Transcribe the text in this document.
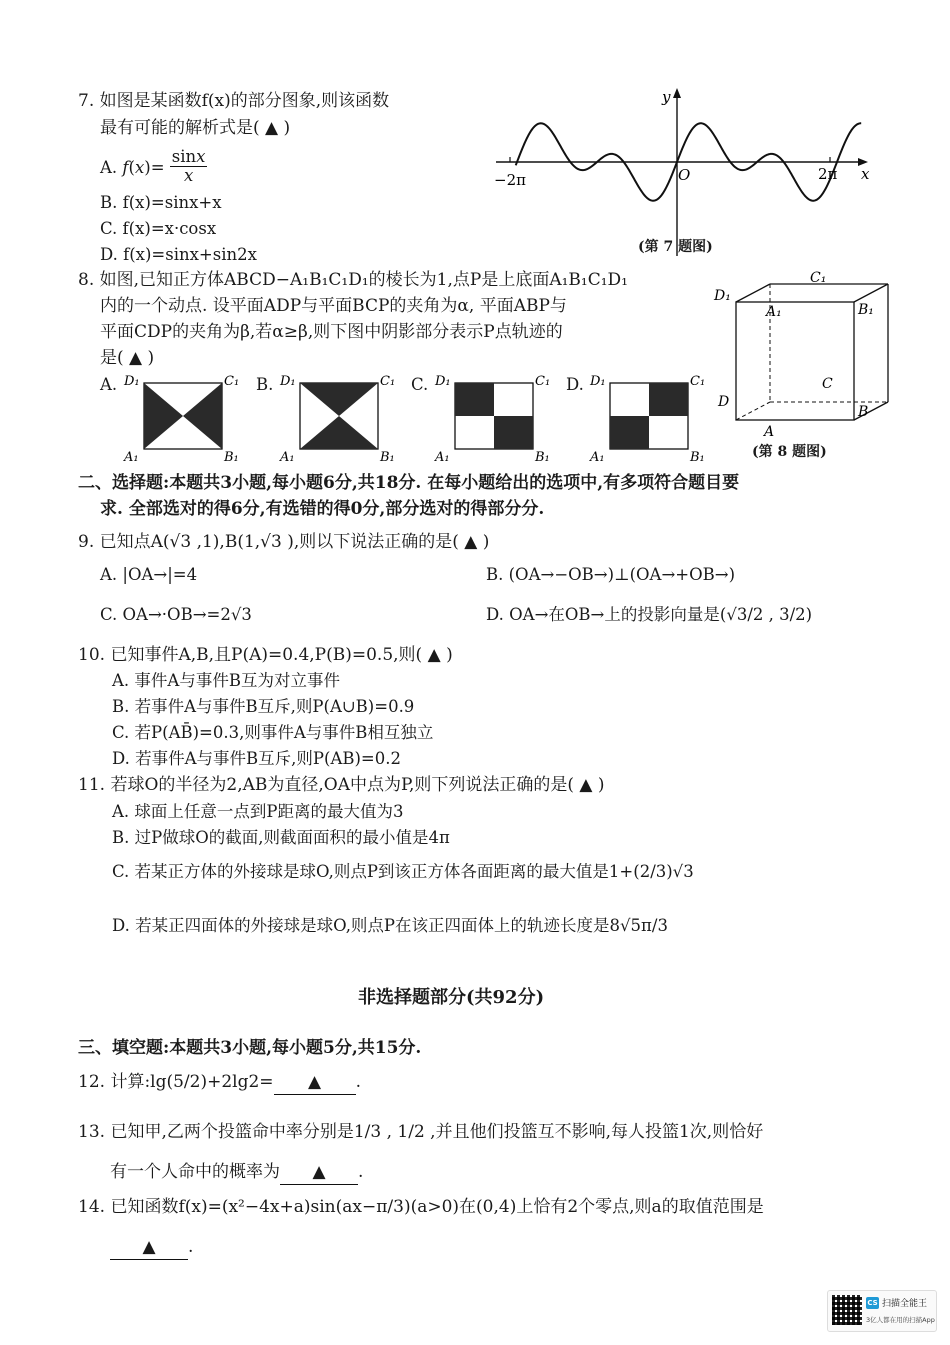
7. 如图是某函数f(x)的部分图象,则该函数
最有可能的解析式是( ▲ )
A. $f(x)= \frac{\sin x}{x}$
B. f(x)=sinx+x
C. f(x)=x·cosx
D. f(x)=sinx+sin2x
y
x
O
−2π	2π
(第 7 题图)
8. 如图,已知正方体ABCD−A₁B₁C₁D₁的棱长为1,点P是上底面A₁B₁C₁D₁
内的一个动点. 设平面ADP与平面BCP的夹角为α, 平面ABP与
平面CDP的夹角为β,若α≥β,则下图中阴影部分表示P点轨迹的
是( ▲ )
D₁
C₁
A₁	B₁
D
C
A
B
(第 8 题图)
A. D₁	C₁
A₁	B₁
B. D₁	C₁
A₁	B₁
C. D₁	C₁
A₁	B₁
D. D₁	C₁
A₁	B₁
二、选择题:本题共3小题,每小题6分,共18分. 在每小题给出的选项中,有多项符合题目要
求. 全部选对的得6分,有选错的得0分,部分选对的得部分分.
9. 已知点A(√3 ,1),B(1,√3 ),则以下说法正确的是( ▲ )
A. |OA→|=4	B. (OA→−OB→)⊥(OA→+OB→)
C. OA→·OB→=2√3	D. OA→在OB→上的投影向量是(√3/2 , 3/2)
10. 已知事件A,B,且P(A)=0.4,P(B)=0.5,则( ▲ )
A. 事件A与事件B互为对立事件
B. 若事件A与事件B互斥,则P(A∪B)=0.9
C. 若P(AB̄)=0.3,则事件A与事件B相互独立
D. 若事件A与事件B互斥,则P(AB)=0.2
11. 若球O的半径为2,AB为直径,OA中点为P,则下列说法正确的是( ▲ )
A. 球面上任意一点到P距离的最大值为3
B. 过P做球O的截面,则截面面积的最小值是4π
C. 若某正方体的外接球是球O,则点P到该正方体各面距离的最大值是1+(2/3)√3
D. 若某正四面体的外接球是球O,则点P在该正四面体上的轨迹长度是8√5π/3
非选择题部分(共92分)
三、填空题:本题共3小题,每小题5分,共15分.
12. 计算:lg(5/2)+2lg2= ▲ .
13. 已知甲,乙两个投篮命中率分别是1/3 , 1/2 ,并且他们投篮互不影响,每人投篮1次,则恰好
有一个人命中的概率为 ▲ .
14. 已知函数f(x)=(x²−4x+a)sin(ax−π/3)(a>0)在(0,4)上恰有2个零点,则a的取值范围是
▲ .
CS 扫描全能王
3亿人都在用的扫描App
